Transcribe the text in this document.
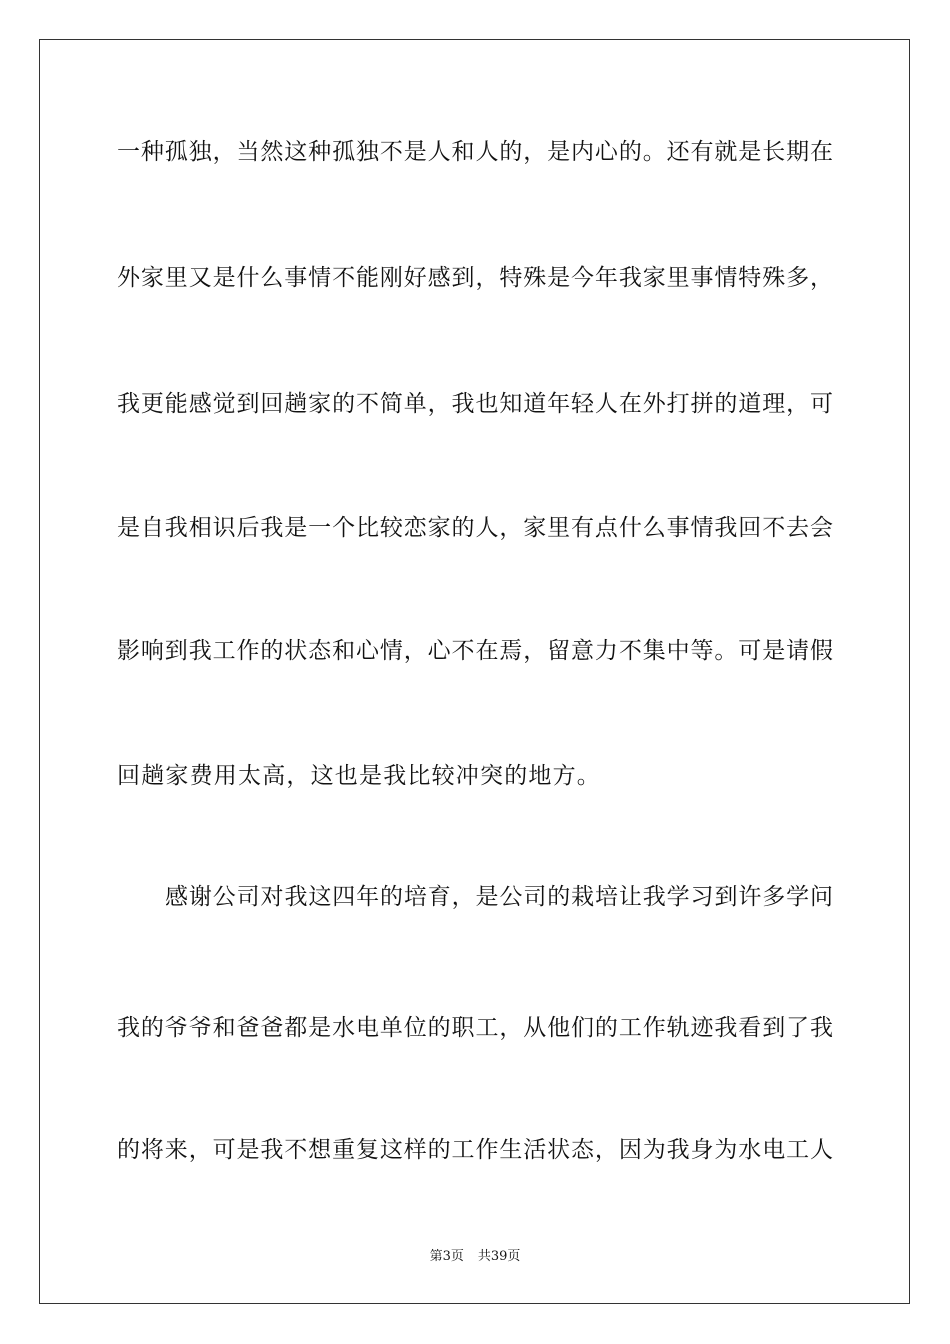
一种孤独，当然这种孤独不是人和人的，是内心的。还有就是长期在
外家里又是什么事情不能刚好感到，特殊是今年我家里事情特殊多，
我更能感觉到回趟家的不简单，我也知道年轻人在外打拼的道理，可
是自我相识后我是一个比较恋家的人，家里有点什么事情我回不去会
影响到我工作的状态和心情，心不在焉，留意力不集中等。可是请假
回趟家费用太高，这也是我比较冲突的地方。
感谢公司对我这四年的培育，是公司的栽培让我学习到许多学问
我的爷爷和爸爸都是水电单位的职工，从他们的工作轨迹我看到了我
的将来，可是我不想重复这样的工作生活状态，因为我身为水电工人
第3页 共39页
